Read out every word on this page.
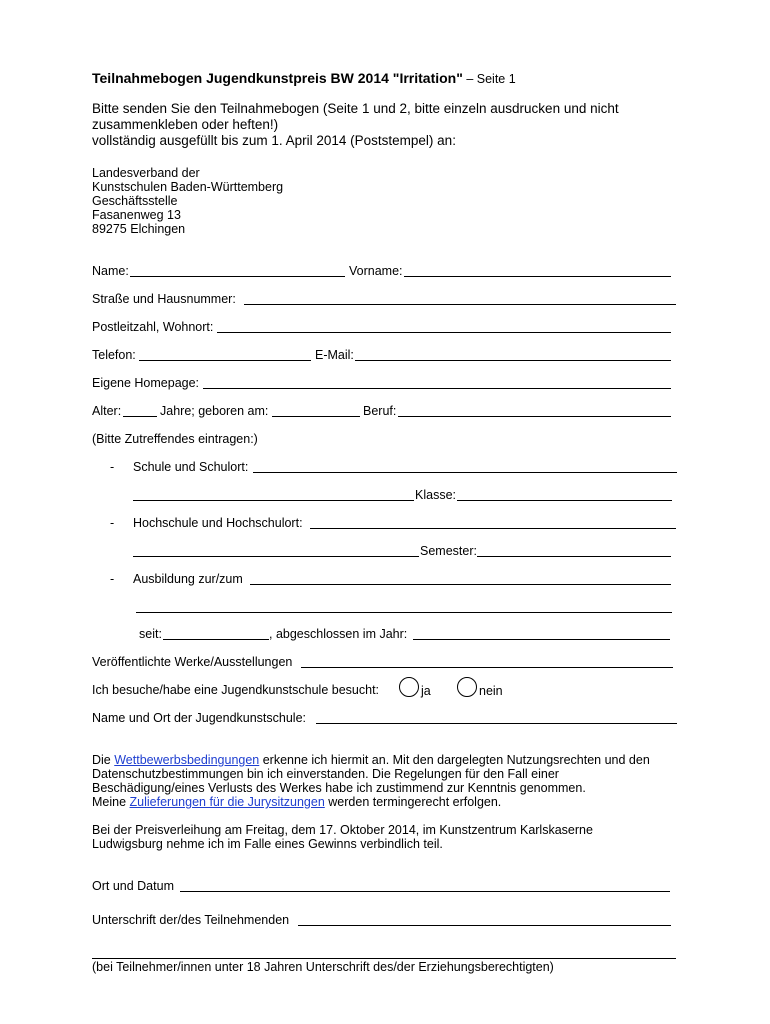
Teilnahmebogen Jugendkunstpreis BW 2014 "Irritation" – Seite 1
Bitte senden Sie den Teilnahmebogen (Seite 1 und 2, bitte einzeln ausdrucken und nicht
zusammenkleben oder heften!)
vollständig ausgefüllt bis zum 1. April 2014 (Poststempel) an:
Landesverband der
Kunstschulen Baden-Württemberg
Geschäftsstelle
Fasanenweg 13
89275 Elchingen
Name:	Vorname:
Straße und Hausnummer:
Postleitzahl, Wohnort:
Telefon:	E-Mail:
Eigene Homepage:
Alter:	Jahre; geboren am:	Beruf:
(Bitte Zutreffendes eintragen:)
- Schule und Schulort:
Klasse:
- Hochschule und Hochschulort:
Semester:
- Ausbildung zur/zum
seit:	, abgeschlossen im Jahr:
Veröffentlichte Werke/Ausstellungen
Ich besuche/habe eine Jugendkunstschule besucht:	ja	nein
Name und Ort der Jugendkunstschule:
Die Wettbewerbsbedingungen erkenne ich hiermit an. Mit den dargelegten Nutzungsrechten und den
Datenschutzbestimmungen bin ich einverstanden. Die Regelungen für den Fall einer
Beschädigung/eines Verlusts des Werkes habe ich zustimmend zur Kenntnis genommen.
Meine Zulieferungen für die Jurysitzungen werden termingerecht erfolgen.
Bei der Preisverleihung am Freitag, dem 17. Oktober 2014, im Kunstzentrum Karlskaserne
Ludwigsburg nehme ich im Falle eines Gewinns verbindlich teil.
Ort und Datum
Unterschrift der/des Teilnehmenden
(bei Teilnehmer/innen unter 18 Jahren Unterschrift des/der Erziehungsberechtigten)
